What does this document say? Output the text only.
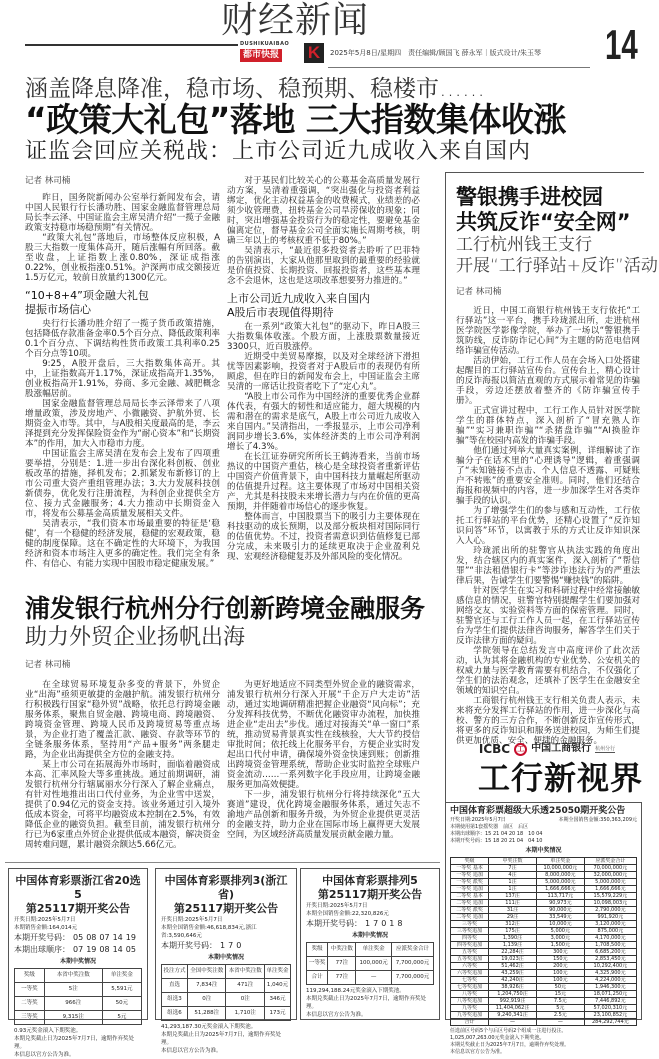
财经新闻
14
DUSHIKUAIBAO
都市快报 K	2025年5月8日/星期四　责任编辑/顾国飞 薛永军｜版式设计/朱玉琴
涵盖降息降准，稳市场、稳预期、稳楼市……
“政策大礼包”落地 三大指数集体收涨
证监会回应关税战：上市公司近九成收入来自国内
记者 林司楠

昨日，国务院新闻办公室举行新闻发布会，请中国人民银行行长潘功胜、国家金融监督管理总局局长李云泽、中国证监会主席吴清介绍“一揽子金融政策支持稳市场稳预期”有关情况。

“政策大礼包”落地后，市场整体反应积极，A股三大指数一度集体高开，随后涨幅有所回落。截至收盘，上证指数上涨0.80%，深证成指涨0.22%，创业板指涨0.51%。沪深两市成交额接近1.5万亿元，较前日放量约1300亿元。

“10+8+4”项金融大礼包
提振市场信心

央行行长潘功胜介绍了一揽子货币政策措施，包括降低存款准备金率0.5个百分点、降低政策利率0.1个百分点、下调结构性货币政策工具利率0.25个百分点等10项。

9:25，A股开盘后，三大指数集体高开。其中，上证指数高开1.17%，深证成指高开1.35%，创业板指高开1.91%，券商、多元金融、减肥概念股涨幅居前。

国家金融监督管理总局局长李云泽带来了八项增量政策，涉及房地产、小微融资、护航外贸、长期资金入市等。其中，与A股相关度最高的是，李云泽提到充分发挥保险资金作为“耐心资本”和“长期资本”的作用，加大入市稳市力度。

中国证监会主席吴清在发布会上发布了四项重要举措，分别是：1.进一步出台深化科创板、创业板改革的措施，择机发布；2.抓紧发布新修订的上市公司重大资产重组管理办法；3.大力发展科技创新债券，优化发行注册流程，为科创企业提供全方位、接力式金融服务；4.大力推动中长期资金入市，将发布公募基金高质量发展相关文件。

吴清表示，“我们资本市场最重要的特征是‘稳健’，有一个稳健的经济发展，稳健的宏观政策，稳健的制度保障。这在不确定性的大环境下，为我国经济和资本市场注入更多的确定性。我们完全有条件、有信心、有能力实现中国股市稳定健康发展。”

对于基民们比较关心的公募基金高质量发展行动方案，吴清着重强调，“突出强化与投资者利益绑定，优化主动权益基金的收费模式，业绩差的必须少收管理费，扭转基金公司旱涝保收的现象；同时，突出增强基金投资行为的稳定性，要避免基金偏离定位，督导基金公司全面实施长周期考核，明确三年以上的考核权重不低于80%。”

吴清表示，“最近很多投资者去聆听了巴菲特的告别演出，大家从他那里取到的最重要的经验就是价值投资、长期投资、回报投资者，这些基本理念不会退休，这也是这项改革想要努力推进的。”

上市公司近九成收入来自国内
A股后市表现值得期待

在一系列“政策大礼包”的驱动下，昨日A股三大指数集体收涨。个股方面，上涨股票数量接近3300只，近百股涨停。

近期受中美贸易摩擦，以及对全球经济下滑担忧等因素影响，投资者对于A股后市的表现仍有所顾虑，但在昨日的新闻发布会上，中国证监会主席吴清的一席话让投资者吃下了“定心丸”。

“A股上市公司作为中国经济的重要优秀企业群体代表，有强大的韧性和适应能力，超大规模的内需和潜在的需求是底气，A股上市公司近九成收入来自国内。”吴清指出，一季报显示，上市公司净利润同步增长3.6%，实体经济类的上市公司净利润增长了4.3%。

在长江证券研究所所长王鹤涛看来，当前市场热议的中国资产重估，核心是全球投资者重新评估中国资产价值背景下，由中国科技力量崛起所驱动的估值提升过程。这主要体现了市场对中国相关资产，尤其是科技股未来增长潜力与内在价值的更高预期，并伴随着市场信心的逐步恢复。

整体而言，中国股票当下的吸引力主要体现在科技驱动的成长预期，以及部分板块相对国际同行的估值优势。不过，投资者需意识到估值修复已部分完成，未来吸引力的延续更取决于企业盈利兑现、宏观经济稳健复苏及外部风险的变化情况。

警银携手进校园
共筑反诈“安全网”
工行杭州钱王支行
开展“工行驿站+反诈”活动
记者 林司楠

近日，中国工商银行杭州钱王支行依托“工行驿站”这一平台，携手玲珑派出所，走进杭州医学院医学影像学院，举办了一场以“警银携手筑防线，反诈防诈记心间”为主题的防范电信网络诈骗宣传活动。

活动伊始，工行工作人员在会场入口处搭建起醒目的工行驿站宣传台。宣传台上，精心设计的反诈海报以简洁直观的方式展示着常见的诈骗手段，旁边还摆放着整齐的《防诈骗宣传手册》。

正式宣讲过程中，工行工作人员针对医学院学生的群体特点，深入剖析了“冒充熟人诈骗”“实习兼职诈骗”“杀猪盘诈骗”“AI换脸诈骗”等在校园内高发的诈骗手段。

他们通过列举大量真实案例，详细解读了诈骗分子在话术里的“心理诱导”逻辑，着重强调了“未知链接不点击、个人信息不透露、可疑账户不转账”的重要安全准则。同时，他们还结合海报和视频中的内容，进一步加深学生对各类诈骗手段的认识。

为了增强学生们的参与感和互动性，工行依托工行驿站的平台优势，还精心设置了“反诈知识问答”环节，以寓教于乐的方式让反诈知识深入人心。

玲珑派出所的驻警官从执法实践的角度出发，结合辖区内的真实案件，深入剖析了“帮信罪”“非法租借银行卡”等涉诈违法行为的严重法律后果，告诫学生们要警惕“赚快钱”的陷阱。

针对医学生在实习和科研过程中经常接触敏感信息的情况，驻警官特别提醒学生们要加强对网络交友、实验资料等方面的保密管理。同时，驻警官还与工行工作人员一起，在工行驿站宣传台为学生们提供法律咨询服务，解答学生们关于反诈法律方面的疑问。

学院领导在总结发言中高度评价了此次活动，认为其将金融机构的专业优势、公安机关的权威力量与医学教育需要有机结合，不仅强化了学生们的法治观念，还填补了医学生在金融安全领域的知识空白。

工商银行杭州钱王支行相关负责人表示，未来将充分发挥工行驿站的作用，进一步深化与高校、警方的三方合作，不断创新反诈宣传形式，将更多的反诈知识和服务送进校园，为师生们提供更加优质、安全、便捷的金融服务。

ICBC	工 中国工商银行 杭州分行
工行新视界
浦发银行杭州分行创新跨境金融服务
助力外贸企业扬帆出海
记者 林司楠

在全球贸易环境复杂多变的背景下，外贸企业“出海”亟须更敏捷的金融护航。浦发银行杭州分行积极践行国家“稳外贸”战略，依托总行跨境金融服务体系，聚焦自贸金融、跨境电商、跨境融资、跨境资金管理、跨境人民币及跨境贸易等重点场景，为企业打造了覆盖汇款、融资、存款等环节的全链条服务体系，坚持用“产品+服务”两条腿走路，为企业出海提供全方位的金融支持。

某上市公司在拓展海外市场时，面临着融资成本高、汇率风险大等多重挑战。通过前期调研，浦发银行杭州分行辖属丽水分行深入了解企业痛点，有针对性地推出出口代付业务，为企业雪中送炭，提供了0.94亿元的资金支持。该业务通过引入境外低成本资金，可将平均融资成本控制在2.5%，有效降低企业的融资负担。截至目前，浦发银行杭州分行已为6家重点外贸企业提供低成本融资，解决资金周转难问题，累计融资余额达5.66亿元。

为更好地适应不同类型外贸企业的融资需求，浦发银行杭州分行深入开展“千企万户大走访”活动，通过实地调研精准把握企业融资“风向标”；充分发挥科技优势，不断优化融资审办流程，加快推进企业“走出去”步伐。通过对接海关“单一窗口”系统，推动贸易背景真实性在线核验，大大节约授信审批时间；依托线上化服务平台，方便企业实时发起出口代付申请，确保境外资金快速到账；创新推出跨境资金管理系统，帮助企业实时监控全球账户资金流动……一系列数字化手段应用，让跨境金融服务更加高效便捷。

下一步，浦发银行杭州分行将持续深化“五大赛道”建设，优化跨境金融服务体系，通过矢志不渝地产品创新和服务升级，为外贸企业提供更灵活的金融支持，助力企业在国际市场上赢得更大发展空间，为区域经济高质量发展贡献金融力量。

中国体育彩票浙江省20选5
第25117期开奖公告
开奖日期:2025年5月7日
本期销售金额:164,014元
本期开奖号码： 05 08 07 14 19
本期出球顺序： 07 19 08 14 05
本期中奖情况
奖级	本省中奖注数	单注奖金
一等奖	5注	5,591元
二等奖	966注	50元
三等奖	9,315注	5元
0.93元奖金滚入下期奖池。
本期兑奖截止日为2025年7月7日，逾期作弃奖处理。
本信息以官方公告为准。
中国体育彩票排列3(浙江省)
第25117期开奖公告
开奖日期:2025年5月7日
本期全国销售金额:46,618,834元,浙江省:3,590,646元
本期开奖号码： 1 7 0
本期中奖情况
投注方式	全国中奖注数	本省中奖注数	单注奖金
直选	7,834注	471注	1,040元
组选3	0注	0注	346元
组选6	51,288注	1,710注	173元
41,293,187.30元奖金滚入下期奖池。
本期兑奖截止日为2025年7月7日，逾期作弃奖处理。
本信息以官方公告为准。
中国体育彩票排列5
第25117期开奖公告
开奖日期:2025年5月7日
本期全国销售金额:22,320,826元
本期开奖号码： 1 7 0 1 8
本期中奖情况
奖级	中奖注数	单注奖金	应派奖金合计
一等奖	77注	100,000元	7,700,000元
合计	77注	—	7,700,000元
119,294,188.24元奖金滚入下期奖池。
本期兑奖截止日为2025年7月7日，逾期作弃奖处理。
本信息以官方公告为准。
中国体育彩票超级大乐透25050期开奖公告
开奖日期:2025年5月7日	本期全国销售金额:350,363,209元
本期使用第1套摇奖器　前区　后区
本期出球顺序：15 21 04 20 18　10 04
本期开奖号码：15 18 20 21 04　04 10
本期中奖情况
奖级	中奖注数	单注奖金	应派奖金合计
一等奖 基本	7注	10,000,000元	70,000,000元
一等奖 追加	4注	8,000,000元	32,000,000元
一等奖 派奖	1注	5,000,000元	5,000,000元
一等奖 追加	1注	1,666,666元	1,666,666元
二等奖 基本	137注	113,717元	15,579,229元
二等奖 追加	111注	90,973元	10,098,003元
二等奖 派奖	31注	90,000元	2,790,000元
二等奖 追加	29注	33,549元	991,920元
三等奖	312注	10,000元	3,120,000元
三等奖追加	175注	5,000元	875,000元
四等奖	1,390注	3,000元	4,170,000元
四等奖追加	1,139注	1,500元	1,708,500元
五等奖	22,284注	300元	6,685,200元
五等奖追加	19,023注	150元	2,853,450元
六等奖	51,462注	200元	10,292,400元
六等奖追加	43,259注	100元	4,325,900元
七等奖	42,240注	100元	4,224,000元
七等奖追加	38,926注	50元	1,946,300元
八等奖	1,204,750注	15元	18,071,250元
八等奖追加	992,919注	7.5元	7,446,892元
九等奖	11,404,062注	5元	57,020,310元
九等奖追加	9,240,341注	2.5元	23,100,852元
合计	—	—	284,292,744元
任选前区号码5个与后区号码2个组成一注进行投注。
1,025,007,263.00元奖金滚入下期奖池。
本期兑奖截止日为2025年7月7日，逾期作弃奖处理。
本信息以官方公告为准。
